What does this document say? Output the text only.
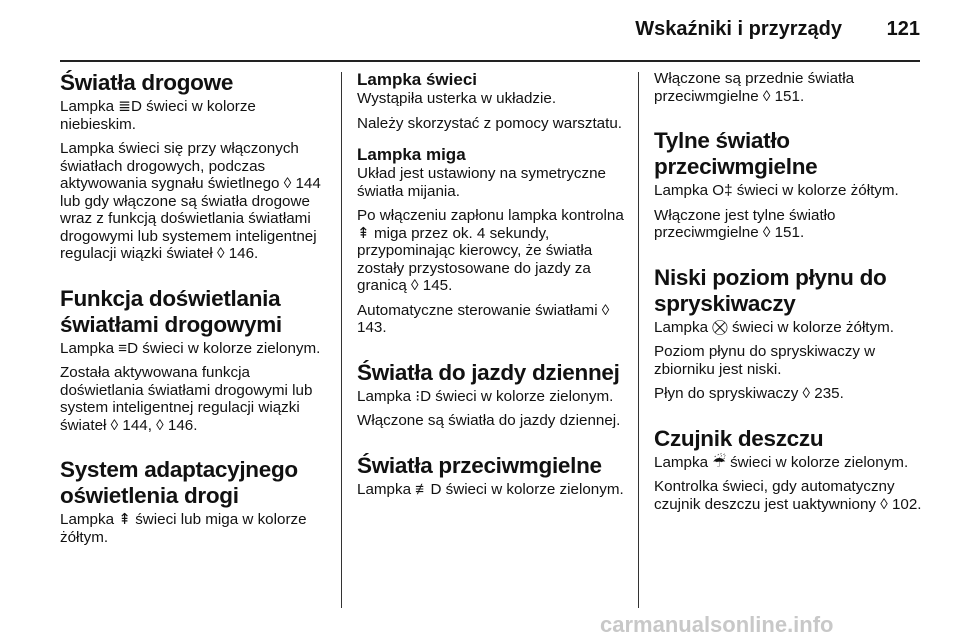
Wskaźniki i przyrządy 121
Światła drogowe

Lampka ≣D świeci w kolorze niebieskim.

Lampka świeci się przy włączonych światłach drogowych, podczas aktywowania sygnału świetlnego ◊ 144 lub gdy włączone są światła drogowe wraz z funkcją doświetlania światłami drogowymi lub systemem inteligentnej regulacji wiązki świateł ◊ 146.

Funkcja doświetlania światłami drogowymi

Lampka ≡D świeci w kolorze zielonym.

Została aktywowana funkcja doświetlania światłami drogowymi lub system inteligentnej regulacji wiązki świateł ◊ 144, ◊ 146.

System adaptacyjnego oświetlenia drogi

Lampka ⇞ świeci lub miga w kolorze żółtym.

Lampka świeci

Wystąpiła usterka w układzie.

Należy skorzystać z pomocy warsztatu.

Lampka miga

Układ jest ustawiony na symetryczne światła mijania.

Po włączeniu zapłonu lampka kontrolna ⇞ miga przez ok. 4 sekundy, przypominając kierowcy, że światła zostały przystosowane do jazdy za granicą ◊ 145.

Automatyczne sterowanie światłami ◊ 143.

Światła do jazdy dziennej

Lampka ⁝D świeci w kolorze zielonym.

Włączone są światła do jazdy dziennej.

Światła przeciwmgielne

Lampka ≢D świeci w kolorze zielonym.

Włączone są przednie światła przeciwmgielne ◊ 151.

Tylne światło przeciwmgielne

Lampka O‡ świeci w kolorze żółtym.

Włączone jest tylne światło przeciwmgielne ◊ 151.

Niski poziom płynu do spryskiwaczy

Lampka ⛒ świeci w kolorze żółtym.

Poziom płynu do spryskiwaczy w zbiorniku jest niski.

Płyn do spryskiwaczy ◊ 235.

Czujnik deszczu

Lampka ☔ świeci w kolorze zielonym.

Kontrolka świeci, gdy automatyczny czujnik deszczu jest uaktywniony ◊ 102.

carmanualsonline.info
